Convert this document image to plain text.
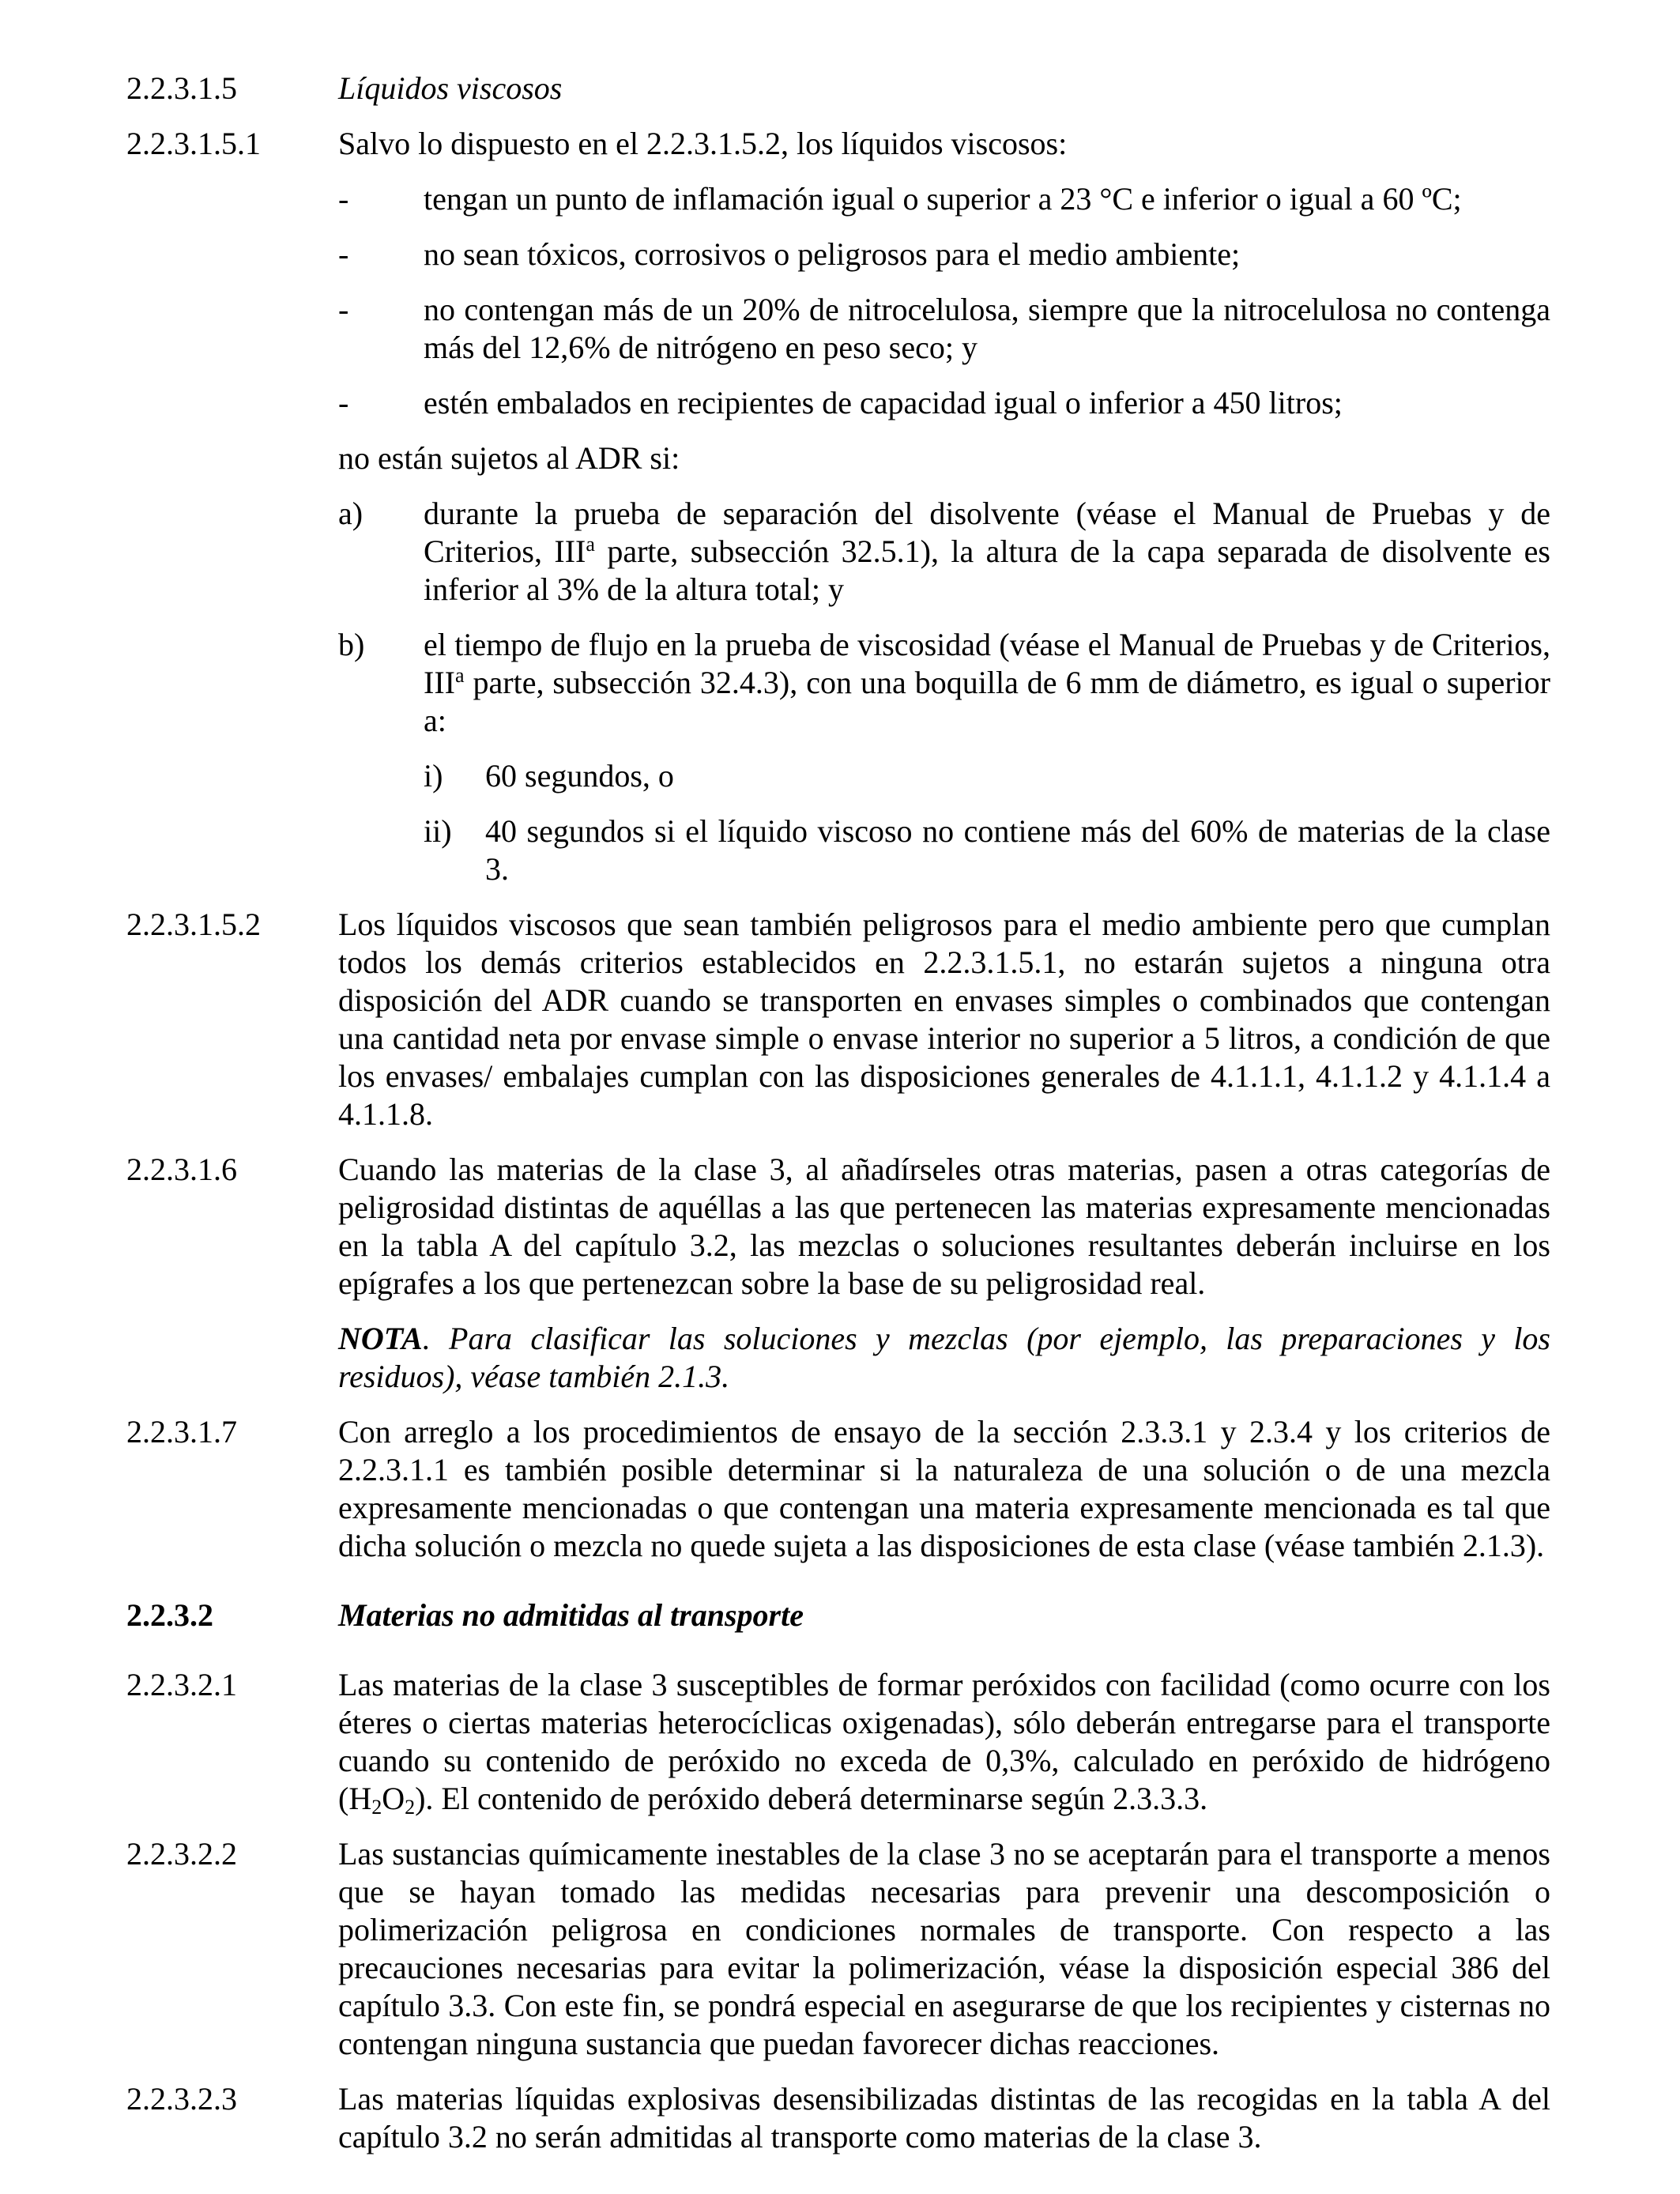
2.2.3.1.5	Líquidos viscosos
2.2.3.1.5.1	Salvo lo dispuesto en el 2.2.3.1.5.2, los líquidos viscosos:
-	tengan un punto de inflamación igual o superior a 23 °C e inferior o igual a 60 ºC;
-	no sean tóxicos, corrosivos o peligrosos para el medio ambiente;
-	no contengan más de un 20% de nitrocelulosa, siempre que la nitrocelulosa no contenga más del 12,6% de nitrógeno en peso seco; y
-	estén embalados en recipientes de capacidad igual o inferior a 450 litros;
no están sujetos al ADR si:
a)	durante la prueba de separación del disolvente (véase el Manual de Pruebas y de Criterios, III$^a$ parte, subsección 32.5.1), la altura de la capa separada de disolvente es inferior al 3% de la altura total; y
b)	el tiempo de flujo en la prueba de viscosidad (véase el Manual de Pruebas y de Criterios, III$^a$ parte, subsección 32.4.3), con una boquilla de 6 mm de diámetro, es igual o superior a:
i)	60 segundos, o
ii)	40 segundos si el líquido viscoso no contiene más del 60% de materias de la clase 3.
2.2.3.1.5.2	Los líquidos viscosos que sean también peligrosos para el medio ambiente pero que cumplan todos los demás criterios establecidos en 2.2.3.1.5.1, no estarán sujetos a ninguna otra disposición del ADR cuando se transporten en envases simples o combinados que contengan una cantidad neta por envase simple o envase interior no superior a 5 litros, a condición de que los envases/ embalajes cumplan con las disposiciones generales de 4.1.1.1, 4.1.1.2 y 4.1.1.4 a 4.1.1.8.
2.2.3.1.6	Cuando las materias de la clase 3, al añadírseles otras materias, pasen a otras categorías de peligrosidad distintas de aquéllas a las que pertenecen las materias expresamente mencionadas en la tabla A del capítulo 3.2, las mezclas o soluciones resultantes deberán incluirse en los epígrafes a los que pertenezcan sobre la base de su peligrosidad real.
NOTA. Para clasificar las soluciones y mezclas (por ejemplo, las preparaciones y los residuos), véase también 2.1.3.
2.2.3.1.7	Con arreglo a los procedimientos de ensayo de la sección 2.3.3.1 y 2.3.4 y los criterios de 2.2.3.1.1 es también posible determinar si la naturaleza de una solución o de una mezcla expresamente mencionadas o que contengan una materia expresamente mencionada es tal que dicha solución o mezcla no quede sujeta a las disposiciones de esta clase (véase también 2.1.3).
2.2.3.2	Materias no admitidas al transporte
2.2.3.2.1	Las materias de la clase 3 susceptibles de formar peróxidos con facilidad (como ocurre con los éteres o ciertas materias heterocíclicas oxigenadas), sólo deberán entregarse para el transporte cuando su contenido de peróxido no exceda de 0,3%, calculado en peróxido de hidrógeno $(H_2O_2)$. El contenido de peróxido deberá determinarse según 2.3.3.3.
2.2.3.2.2	Las sustancias químicamente inestables de la clase 3 no se aceptarán para el transporte a menos que se hayan tomado las medidas necesarias para prevenir una descomposición o polimerización peligrosa en condiciones normales de transporte. Con respecto a las precauciones necesarias para evitar la polimerización, véase la disposición especial 386 del capítulo 3.3. Con este fin, se pondrá especial en asegurarse de que los recipientes y cisternas no contengan ninguna sustancia que puedan favorecer dichas reacciones.
2.2.3.2.3	Las materias líquidas explosivas desensibilizadas distintas de las recogidas en la tabla A del capítulo 3.2 no serán admitidas al transporte como materias de la clase 3.
